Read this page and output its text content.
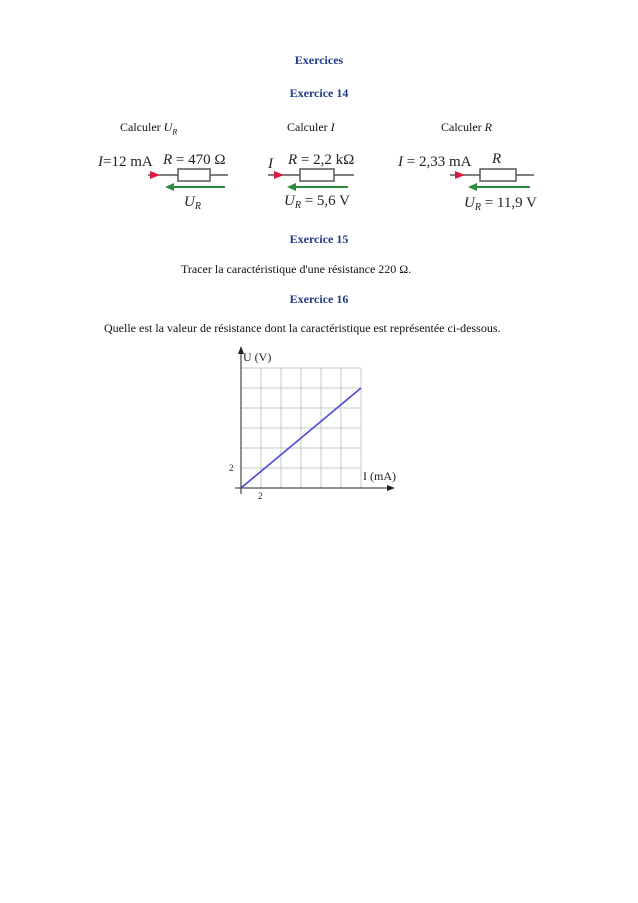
Exercices
Exercice 14
Calculer $U_R$	Calculer I	Calculer R
I=12 mA R = 470 Ω
$U_R$
I R = 2,2 kΩ
$U_R = 5,6$ V
I = 2,33 mA R
$U_R = 11,9$ V
Exercice 15
Tracer la caractéristique d'une résistance 220 Ω.
Exercice 16
Quelle est la valeur de résistance dont la caractéristique est représentée ci-dessous.
U (V)
I (mA)
2
2
